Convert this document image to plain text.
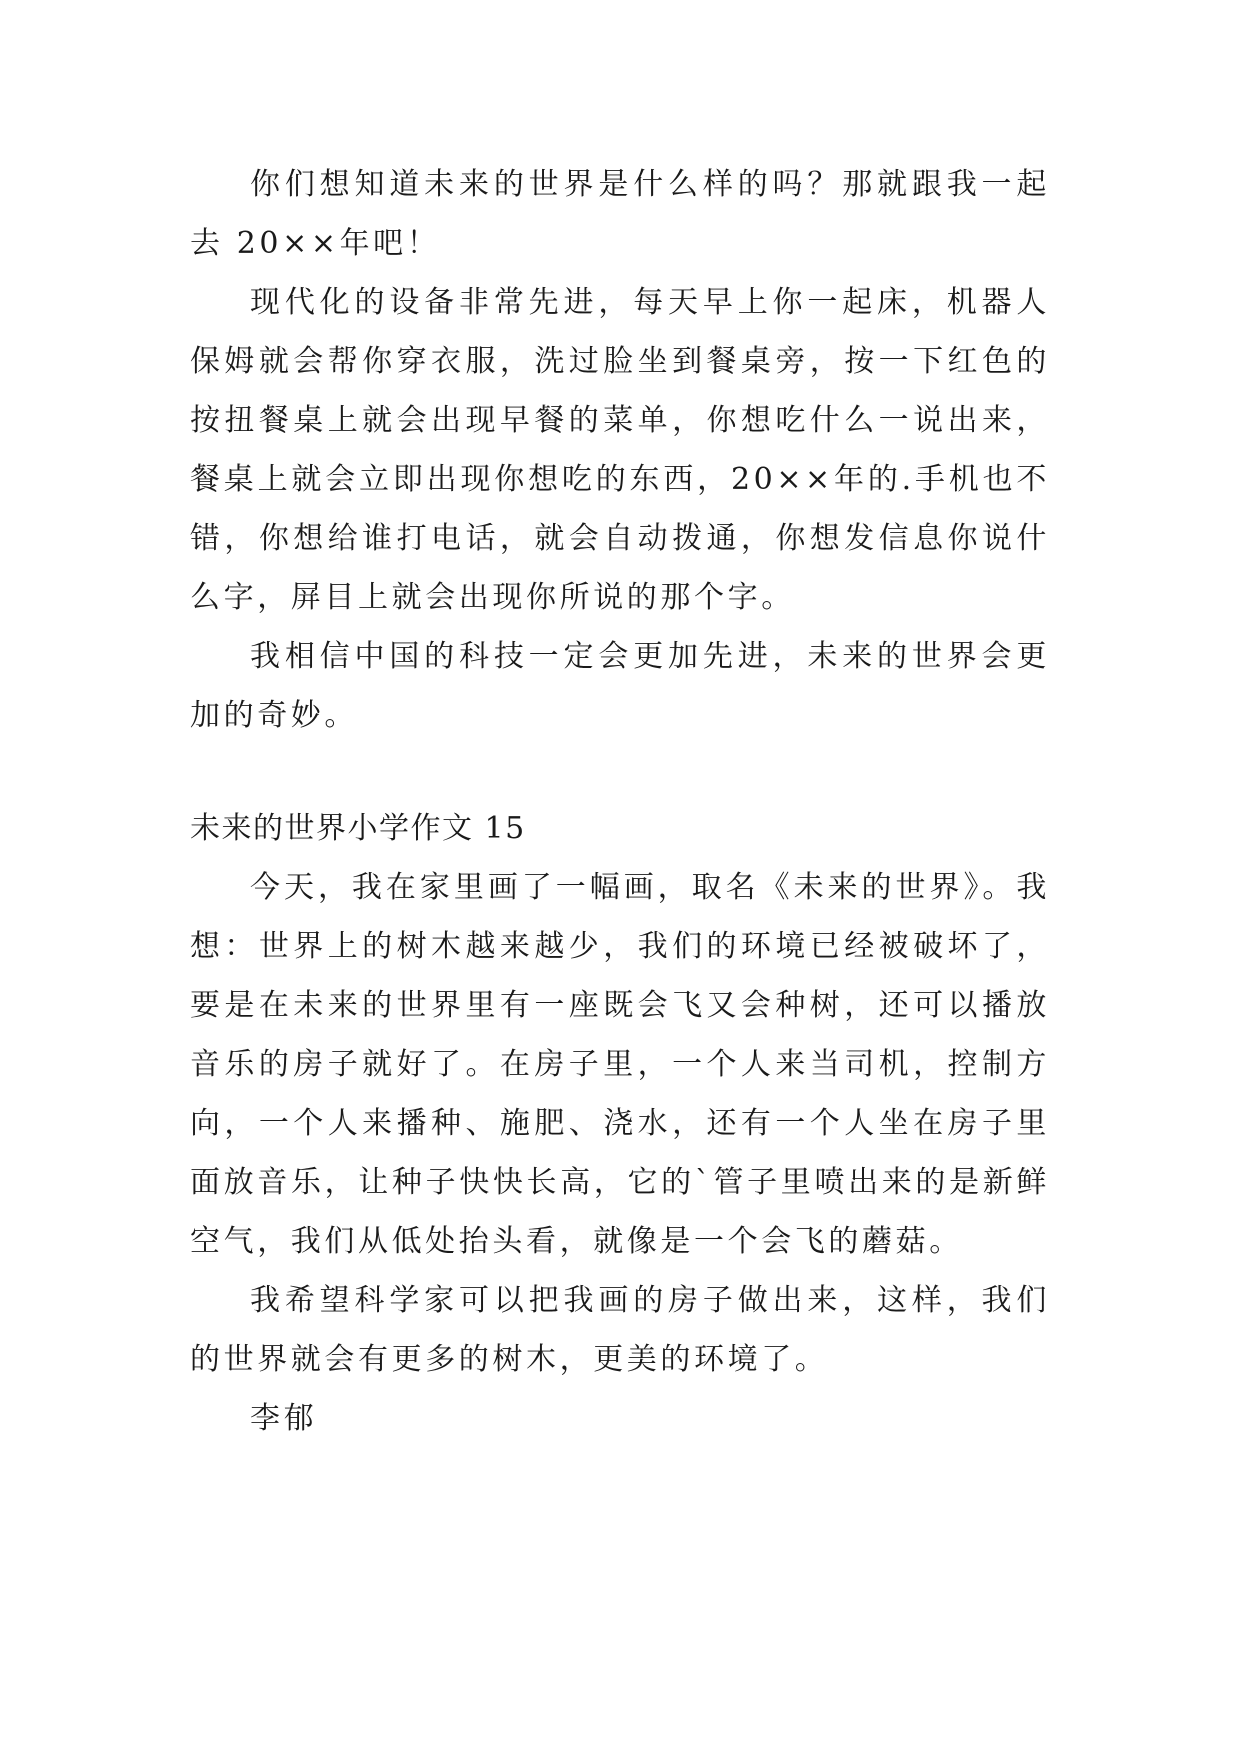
你们想知道未来的世界是什么样的吗？那就跟我一起去 20××年吧！

现代化的设备非常先进，每天早上你一起床，机器人保姆就会帮你穿衣服，洗过脸坐到餐桌旁，按一下红色的按扭餐桌上就会出现早餐的菜单，你想吃什么一说出来，餐桌上就会立即出现你想吃的东西，20××年的.手机也不错，你想给谁打电话，就会自动拨通，你想发信息你说什么字，屏目上就会出现你所说的那个字。

我相信中国的科技一定会更加先进，未来的世界会更加的奇妙。

未来的世界小学作文 15

今天，我在家里画了一幅画，取名《未来的世界》。我想：世界上的树木越来越少，我们的环境已经被破坏了，要是在未来的世界里有一座既会飞又会种树，还可以播放音乐的房子就好了。在房子里，一个人来当司机，控制方向，一个人来播种、施肥、浇水，还有一个人坐在房子里面放音乐，让种子快快长高，它的`管子里喷出来的是新鲜空气，我们从低处抬头看，就像是一个会飞的蘑菇。

我希望科学家可以把我画的房子做出来，这样，我们的世界就会有更多的树木，更美的环境了。

李郁
